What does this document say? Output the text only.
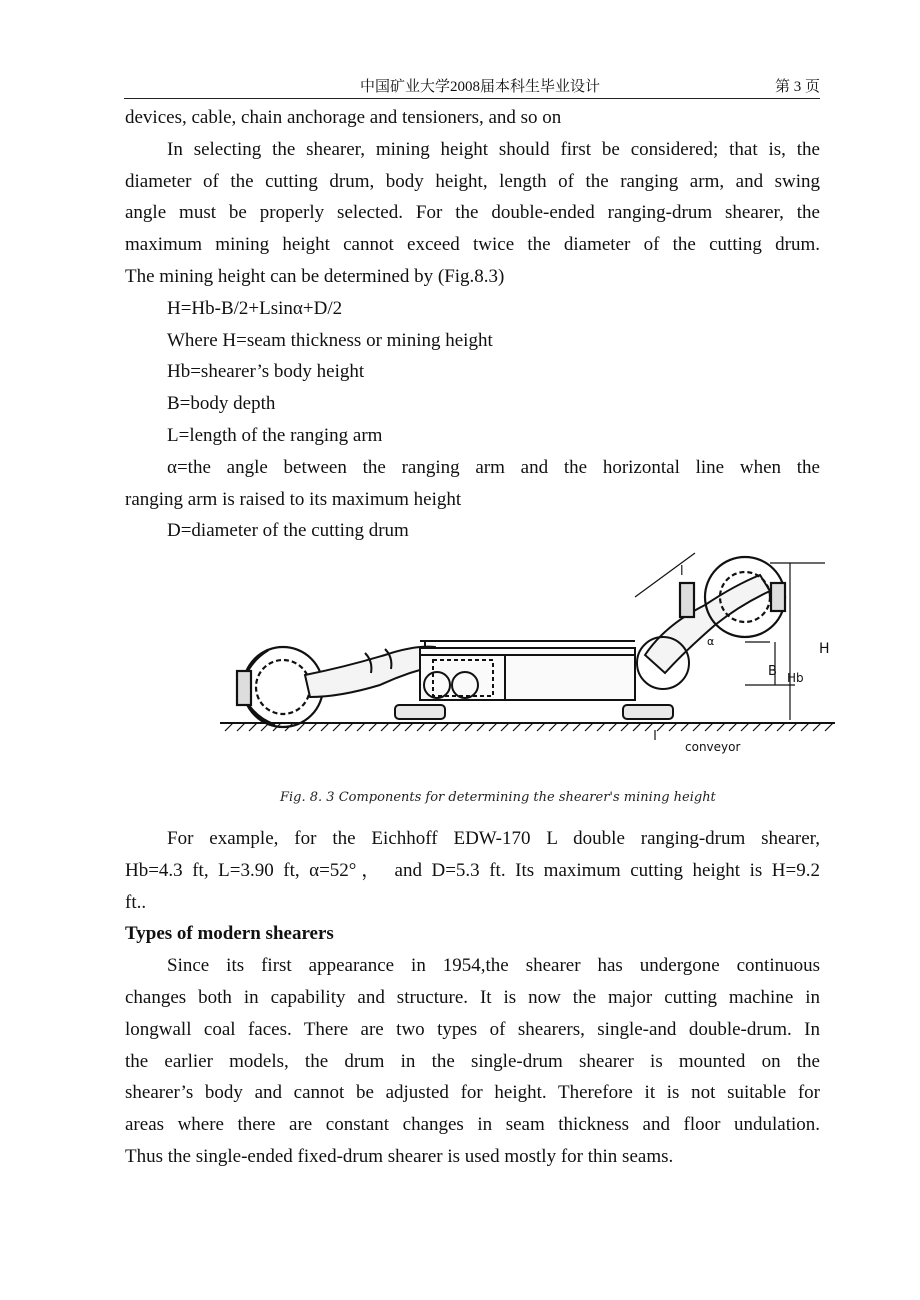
中国矿业大学2008届本科生毕业设计	第 3 页

devices, cable, chain anchorage and tensioners, and so on

In selecting the shearer, mining height should first be considered; that is, the

diameter of the cutting drum, body height, length of the ranging arm, and swing

angle must be properly selected. For the double-ended ranging-drum shearer, the

maximum mining height cannot exceed twice the diameter of the cutting drum.

The mining height can be determined by (Fig.8.3)

H=Hb-B/2+Lsinα+D/2

Where H=seam thickness or mining height

Hb=shearer’s body height

B=body depth

L=length of the ranging arm

α=the angle between the ranging arm and the horizontal line when the

ranging arm is raised to its maximum height

D=diameter of the cutting drum

H
B Hb
l
α
conveyor
Fig. 8. 3 Components for determining the shearer's mining height

For example, for the Eichhoff EDW-170 L double ranging-drum shearer,

Hb=4.3 ft, L=3.90 ft, α=52°， and D=5.3 ft. Its maximum cutting height is H=9.2

ft..

Types of modern shearers

Since its first appearance in 1954,the shearer has undergone continuous

changes both in capability and structure. It is now the major cutting machine in

longwall coal faces. There are two types of shearers, single-and double-drum. In

the earlier models, the drum in the single-drum shearer is mounted on the

shearer’s body and cannot be adjusted for height. Therefore it is not suitable for

areas where there are constant changes in seam thickness and floor undulation.

Thus the single-ended fixed-drum shearer is used mostly for thin seams.
